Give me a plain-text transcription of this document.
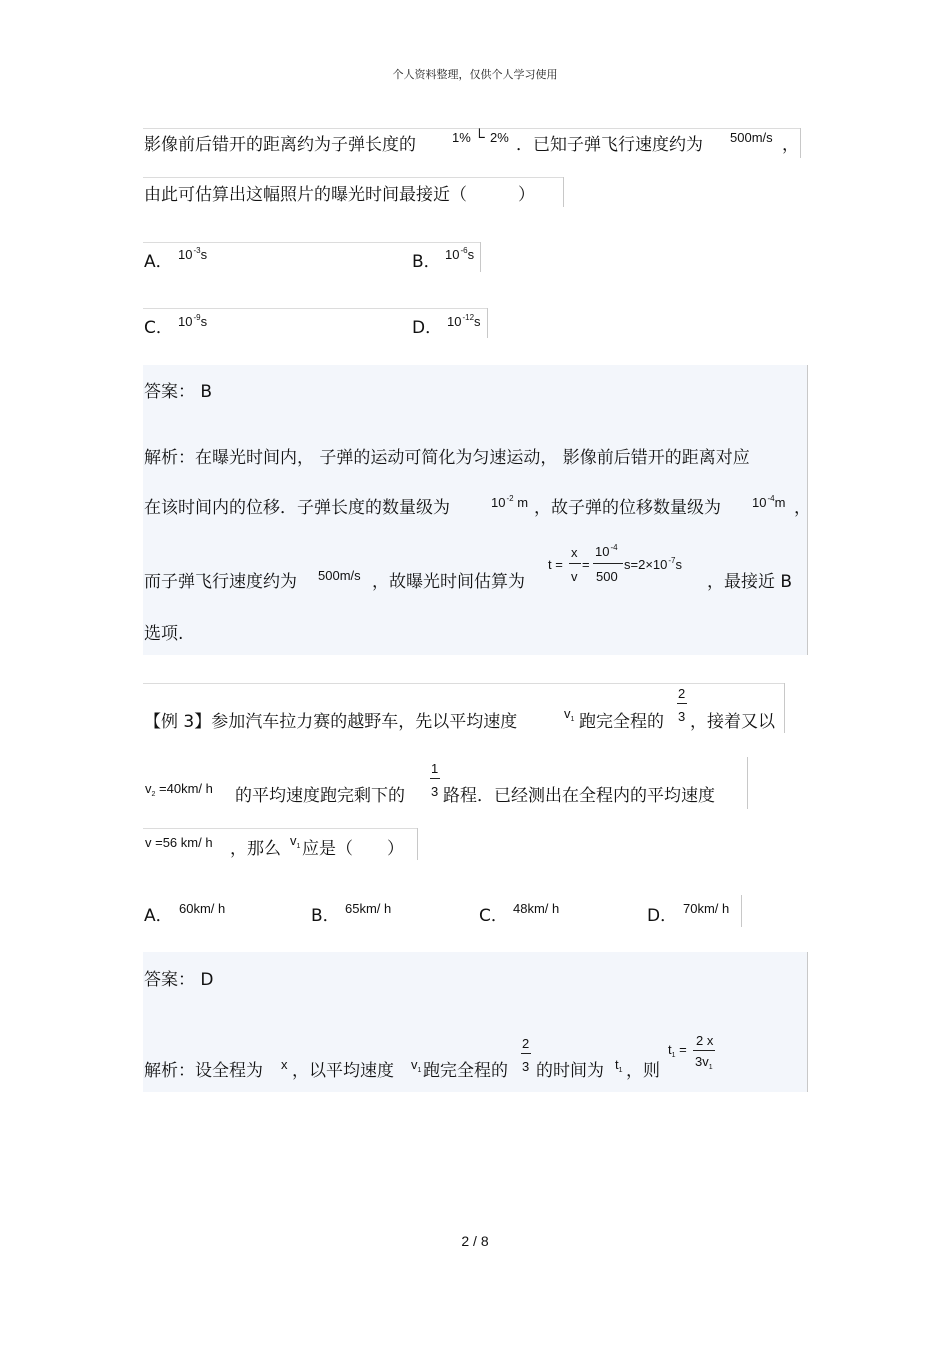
个人资料整理，仅供个人学习使用
影像前后错开的距离约为子弹长度的	1% └ 2% ．已知子弹飞行速度约为 500m/s ，
由此可估算出这幅照片的曝光时间最接近（　　　）
A． $10^{-3}s$	B． $10^{-6}s$
C． $10^{-9}s$	D． $10^{-12}s$
答案： B
解析：在曝光时间内， 子弹的运动可简化为匀速运动， 影像前后错开的距离对应
在该时间内的位移．子弹长度的数量级为	$10^{-2}$ m ，故子弹的位移数量级为 $10^{-4}m$ ，
而子弹飞行速度约为 500m/s ，故曝光时间估算为
t =
x
v
=
$10^{-4}$
500
$s=2\times 10^{-7}s$
，最接近 B
选项.
【例 3】参加汽车拉力赛的越野车，先以平均速度	$v_1$ 跑完全程的
2
3 ，接着又以
$v_2 =40km/$ h 的平均速度跑完剩下的
1
3 路程．已经测出在全程内的平均速度
v =56 km/ h ，那么 $v_1$ 应是（　　）
A． 60km/ h	B． 65km/ h	C． 48km/ h	D． 70km/ h
答案： D
解析：设全程为 x ，以平均速度 $v_1$ 跑完全程的
2
3 的时间为 $t_1$ ，则
$t_1$ =
2 x
$3v_1$
2 / 8
